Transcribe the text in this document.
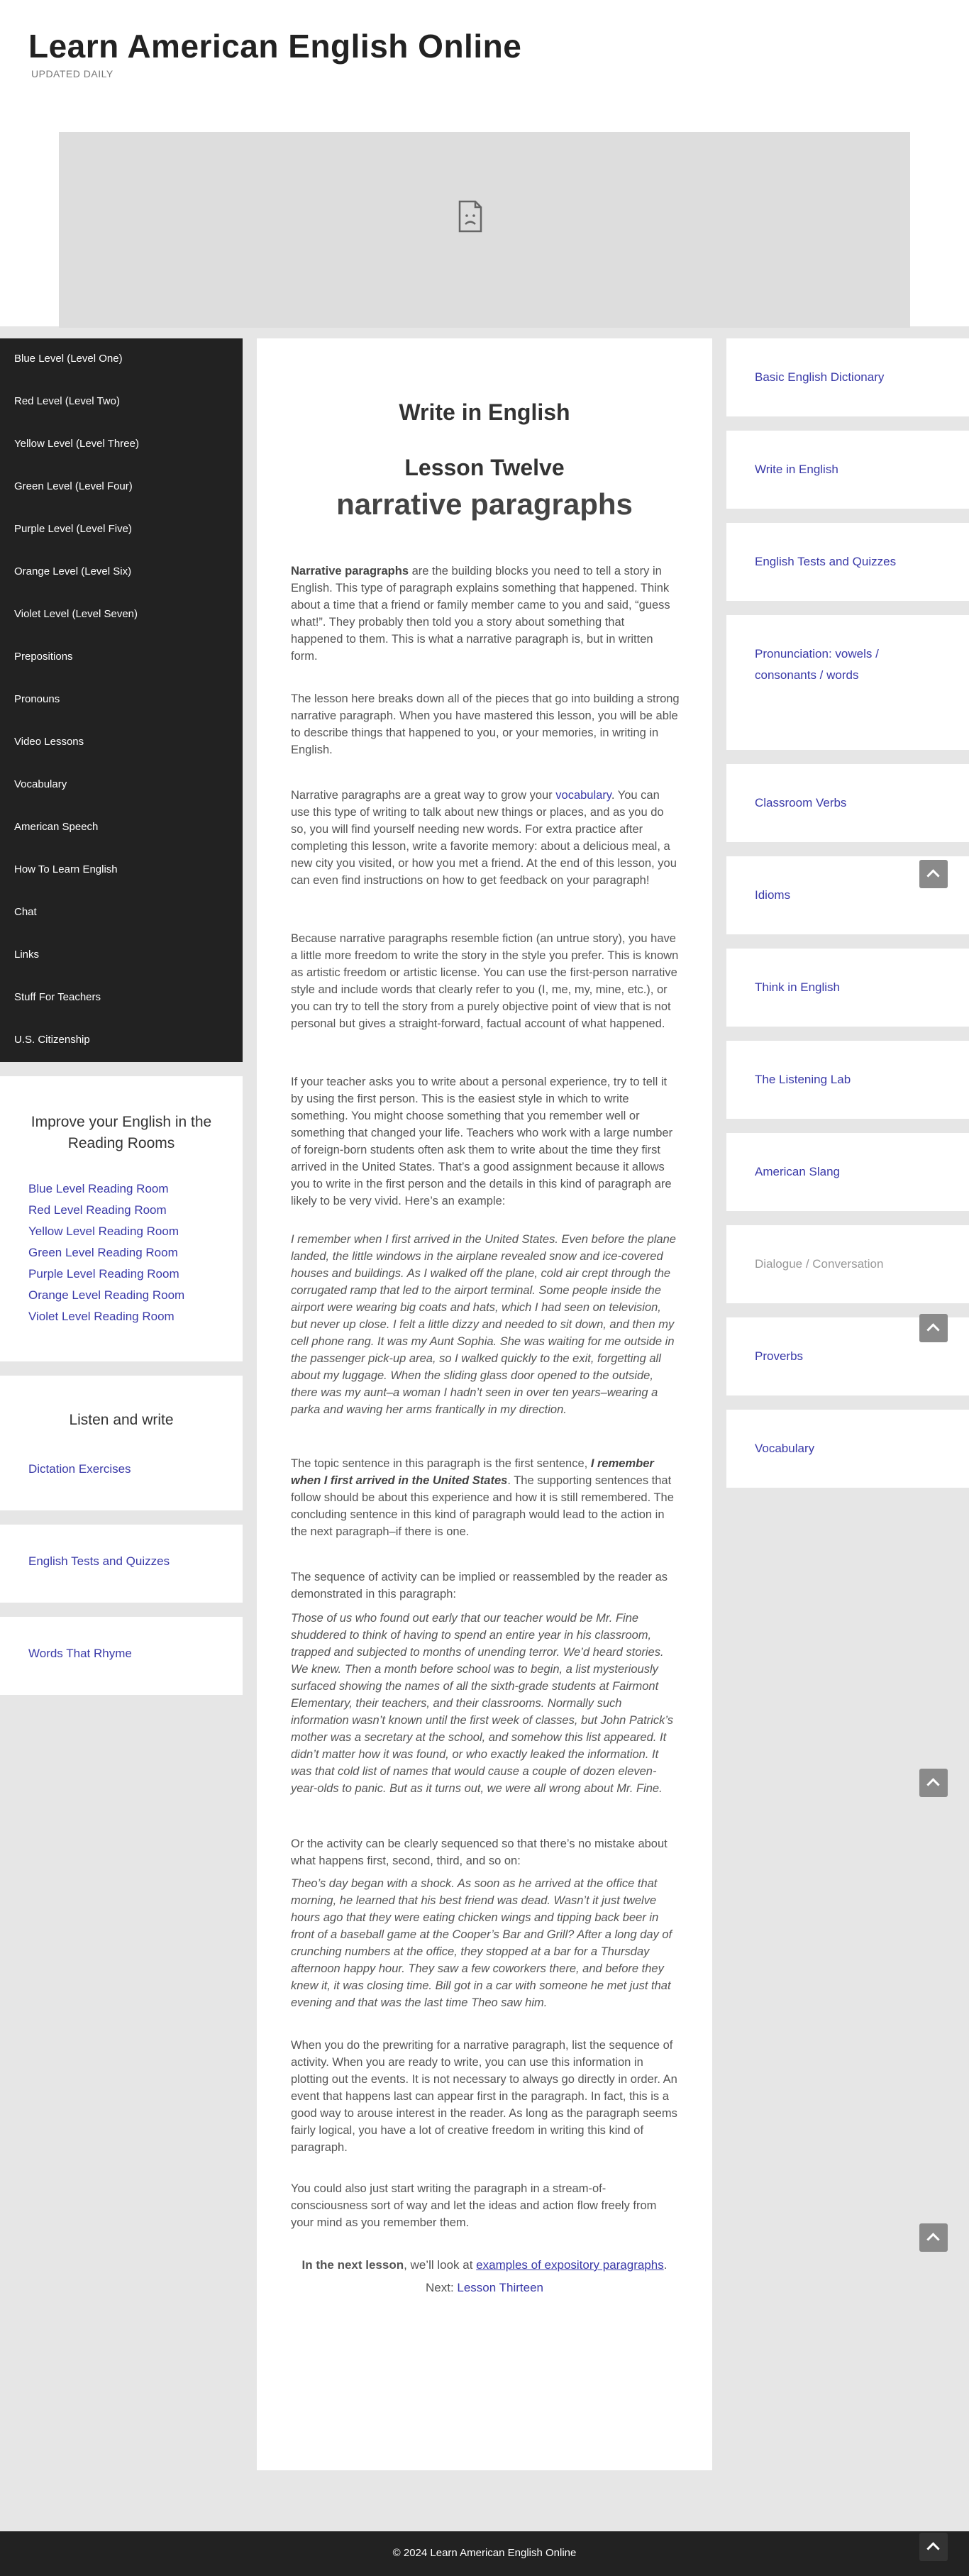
Learn American English Online
UPDATED DAILY
Blue Level (Level One)
Red Level (Level Two)
Yellow Level (Level Three)
Green Level (Level Four)
Purple Level (Level Five)
Orange Level (Level Six)
Violet Level (Level Seven)
Prepositions
Pronouns
Video Lessons
Vocabulary
American Speech
How To Learn English
Chat
Links
Stuff For Teachers
U.S. Citizenship
Improve your English in the Reading Rooms
Blue Level Reading Room
Red Level Reading Room
Yellow Level Reading Room
Green Level Reading Room
Purple Level Reading Room
Orange Level Reading Room
Violet Level Reading Room
Listen and write
Dictation Exercises
English Tests and Quizzes
Words That Rhyme
Write in English
Lesson Twelve
narrative paragraphs

Narrative paragraphs are the building blocks you need to tell a story in English. This type of paragraph explains something that happened. Think about a time that a friend or family member came to you and said, “guess what!”. They probably then told you a story about something that happened to them. This is what a narrative paragraph is, but in written form.

The lesson here breaks down all of the pieces that go into building a strong narrative paragraph. When you have mastered this lesson, you will be able to describe things that happened to you, or your memories, in writing in English.

Narrative paragraphs are a great way to grow your vocabulary. You can use this type of writing to talk about new things or places, and as you do so, you will find yourself needing new words. For extra practice after completing this lesson, write a favorite memory: about a delicious meal, a new city you visited, or how you met a friend. At the end of this lesson, you can even find instructions on how to get feedback on your paragraph!

Because narrative paragraphs resemble fiction (an untrue story), you have a little more freedom to write the story in the style you prefer. This is known as artistic freedom or artistic license. You can use the first-person narrative style and include words that clearly refer to you (I, me, my, mine, etc.), or you can try to tell the story from a purely objective point of view that is not personal but gives a straight-forward, factual account of what happened.

If your teacher asks you to write about a personal experience, try to tell it by using the first person. This is the easiest style in which to write something. You might choose something that you remember well or something that changed your life. Teachers who work with a large number of foreign-born students often ask them to write about the time they first arrived in the United States. That’s a good assignment because it allows you to write in the first person and the details in this kind of paragraph are likely to be very vivid. Here’s an example:

I remember when I first arrived in the United States. Even before the plane landed, the little windows in the airplane revealed snow and ice-covered houses and buildings. As I walked off the plane, cold air crept through the corrugated ramp that led to the airport terminal. Some people inside the airport were wearing big coats and hats, which I had seen on television, but never up close. I felt a little dizzy and needed to sit down, and then my cell phone rang. It was my Aunt Sophia. She was waiting for me outside in the passenger pick-up area, so I walked quickly to the exit, forgetting all about my luggage. When the sliding glass door opened to the outside, there was my aunt–a woman I hadn’t seen in over ten years–wearing a parka and waving her arms frantically in my direction.

The topic sentence in this paragraph is the first sentence, I remember when I first arrived in the United States. The supporting sentences that follow should be about this experience and how it is still remembered. The concluding sentence in this kind of paragraph would lead to the action in the next paragraph–if there is one.

The sequence of activity can be implied or reassembled by the reader as demonstrated in this paragraph:

Those of us who found out early that our teacher would be Mr. Fine shuddered to think of having to spend an entire year in his classroom, trapped and subjected to months of unending terror. We’d heard stories. We knew. Then a month before school was to begin, a list mysteriously surfaced showing the names of all the sixth-grade students at Fairmont Elementary, their teachers, and their classrooms. Normally such information wasn’t known until the first week of classes, but John Patrick’s mother was a secretary at the school, and somehow this list appeared. It didn’t matter how it was found, or who exactly leaked the information. It was that cold list of names that would cause a couple of dozen eleven-year-olds to panic. But as it turns out, we were all wrong about Mr. Fine.

Or the activity can be clearly sequenced so that there’s no mistake about what happens first, second, third, and so on:

Theo’s day began with a shock. As soon as he arrived at the office that morning, he learned that his best friend was dead. Wasn’t it just twelve hours ago that they were eating chicken wings and tipping back beer in front of a baseball game at the Cooper’s Bar and Grill? After a long day of crunching numbers at the office, they stopped at a bar for a Thursday afternoon happy hour. They saw a few coworkers there, and before they knew it, it was closing time. Bill got in a car with someone he met just that evening and that was the last time Theo saw him.

When you do the prewriting for a narrative paragraph, list the sequence of activity. When you are ready to write, you can use this information in plotting out the events. It is not necessary to always go directly in order. An event that happens last can appear first in the paragraph. In fact, this is a good way to arouse interest in the reader. As long as the paragraph seems fairly logical, you have a lot of creative freedom in writing this kind of paragraph.

You could also just start writing the paragraph in a stream-of-consciousness sort of way and let the ideas and action flow freely from your mind as you remember them.

In the next lesson, we’ll look at examples of expository paragraphs.
Next: Lesson Thirteen
Basic English Dictionary
Write in English
English Tests and Quizzes
Pronunciation: vowels / consonants / words
Classroom Verbs
Idioms
Think in English
The Listening Lab
American Slang
Dialogue / Conversation
Proverbs
Vocabulary
© 2024 Learn American English Online
